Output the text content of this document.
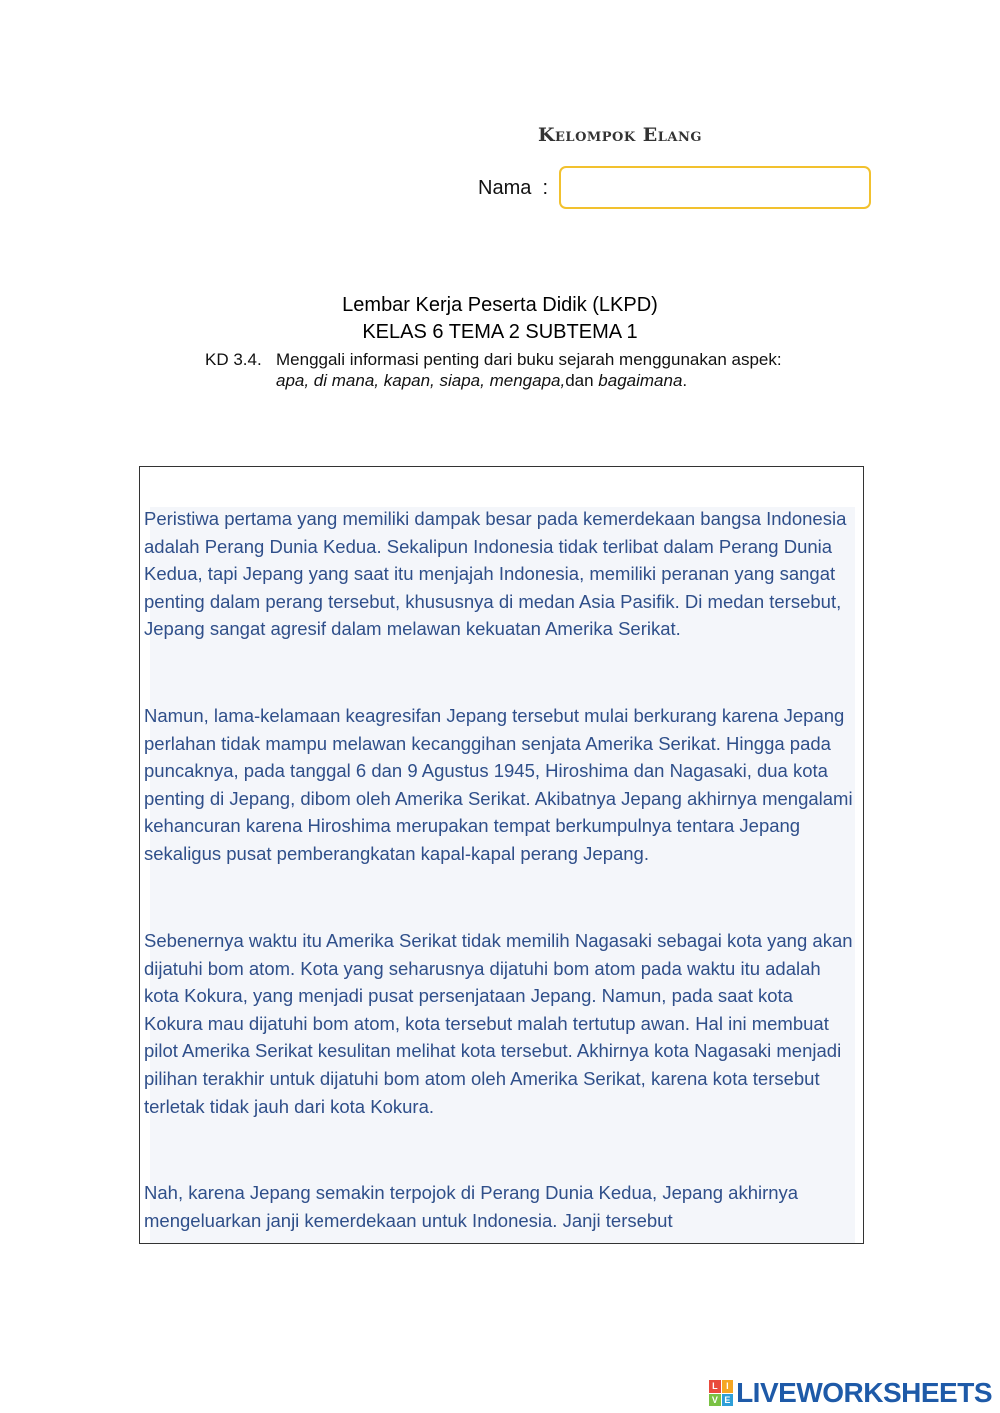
Kelompok Elang
Nama  :
Lembar Kerja Peserta Didik (LKPD)
KELAS 6 TEMA 2 SUBTEMA 1
KD 3.4. Menggali informasi penting dari buku sejarah menggunakan aspek:
apa, di mana, kapan, siapa, mengapa,dan bagaimana.
Peristiwa pertama yang memiliki dampak besar pada kemerdekaan bangsa Indonesia adalah Perang Dunia Kedua. Sekalipun Indonesia tidak terlibat dalam Perang Dunia Kedua, tapi Jepang yang saat itu menjajah Indonesia, memiliki peranan yang sangat penting dalam perang tersebut, khususnya di medan Asia Pasifik. Di medan tersebut, Jepang sangat agresif dalam melawan kekuatan Amerika Serikat.
Namun, lama-kelamaan keagresifan Jepang tersebut mulai berkurang karena Jepang perlahan tidak mampu melawan kecanggihan senjata Amerika Serikat. Hingga pada puncaknya, pada tanggal 6 dan 9 Agustus 1945, Hiroshima dan Nagasaki, dua kota penting di Jepang, dibom oleh Amerika Serikat. Akibatnya Jepang akhirnya mengalami kehancuran karena Hiroshima merupakan tempat berkumpulnya tentara Jepang sekaligus pusat pemberangkatan kapal-kapal perang Jepang.
Sebenernya waktu itu Amerika Serikat tidak memilih Nagasaki sebagai kota yang akan dijatuhi bom atom. Kota yang seharusnya dijatuhi bom atom pada waktu itu adalah kota Kokura, yang menjadi pusat persenjataan Jepang. Namun, pada saat kota Kokura mau dijatuhi bom atom, kota tersebut malah tertutup awan. Hal ini membuat pilot Amerika Serikat kesulitan melihat kota tersebut. Akhirnya kota Nagasaki menjadi pilihan terakhir untuk dijatuhi bom atom oleh Amerika Serikat, karena kota tersebut terletak tidak jauh dari kota Kokura.
Nah, karena Jepang semakin terpojok di Perang Dunia Kedua, Jepang akhirnya mengeluarkan janji kemerdekaan untuk Indonesia. Janji tersebut
L I
V E LIVEWORKSHEETS
